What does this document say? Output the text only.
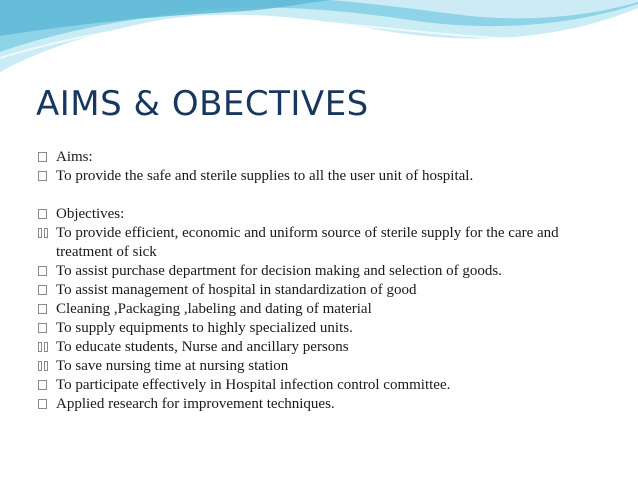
AIMS & OBECTIVES
Aims:
To provide the safe and sterile supplies to all the user unit of hospital.
Objectives:
To provide efficient, economic and uniform source of sterile supply for the care and treatment of sick
To assist purchase department for decision making and selection of goods.
To assist management of hospital in standardization of good
Cleaning ,Packaging ,labeling and dating of material
To supply equipments to highly specialized units.
To educate students, Nurse and ancillary persons
To save nursing time at nursing station
To participate effectively in Hospital infection control committee.
Applied research for improvement techniques.
